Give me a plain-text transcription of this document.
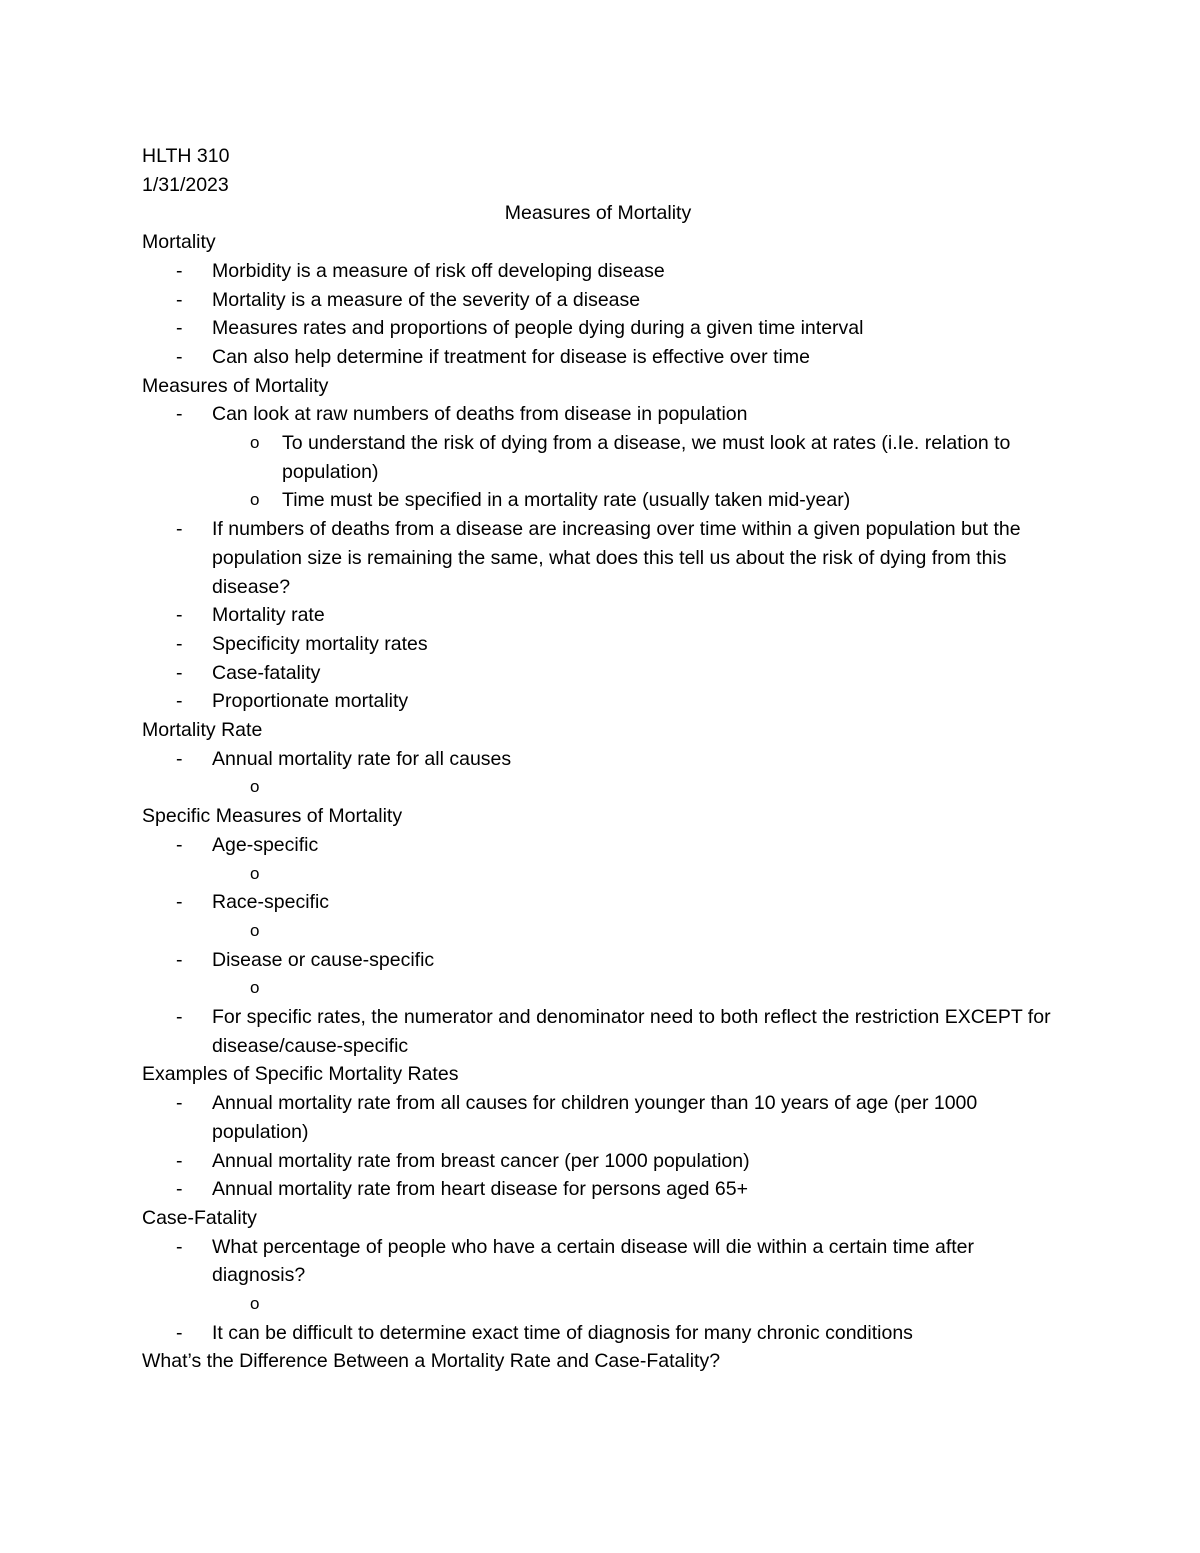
HLTH 310

1/31/2023

Measures of Mortality

Mortality

- Morbidity is a measure of risk off developing disease
- Mortality is a measure of the severity of a disease
- Measures rates and proportions of people dying during a given time interval
- Can also help determine if treatment for disease is effective over time

Measures of Mortality

- Can look at raw numbers of deaths from disease in population
o To understand the risk of dying from a disease, we must look at rates (i.Ie. relation to population)
o Time must be specified in a mortality rate (usually taken mid-year)
- If numbers of deaths from a disease are increasing over time within a given population but the population size is remaining the same, what does this tell us about the risk of dying from this disease?
- Mortality rate
- Specificity mortality rates
- Case-fatality
- Proportionate mortality

Mortality Rate

- Annual mortality rate for all causes
o

Specific Measures of Mortality

- Age-specific
o
- Race-specific
o
- Disease or cause-specific
o
- For specific rates, the numerator and denominator need to both reflect the restriction EXCEPT for disease/cause-specific

Examples of Specific Mortality Rates

- Annual mortality rate from all causes for children younger than 10 years of age (per 1000 population)
- Annual mortality rate from breast cancer (per 1000 population)
- Annual mortality rate from heart disease for persons aged 65+

Case-Fatality

- What percentage of people who have a certain disease will die within a certain time after diagnosis?
o
- It can be difficult to determine exact time of diagnosis for many chronic conditions

What’s the Difference Between a Mortality Rate and Case-Fatality?
